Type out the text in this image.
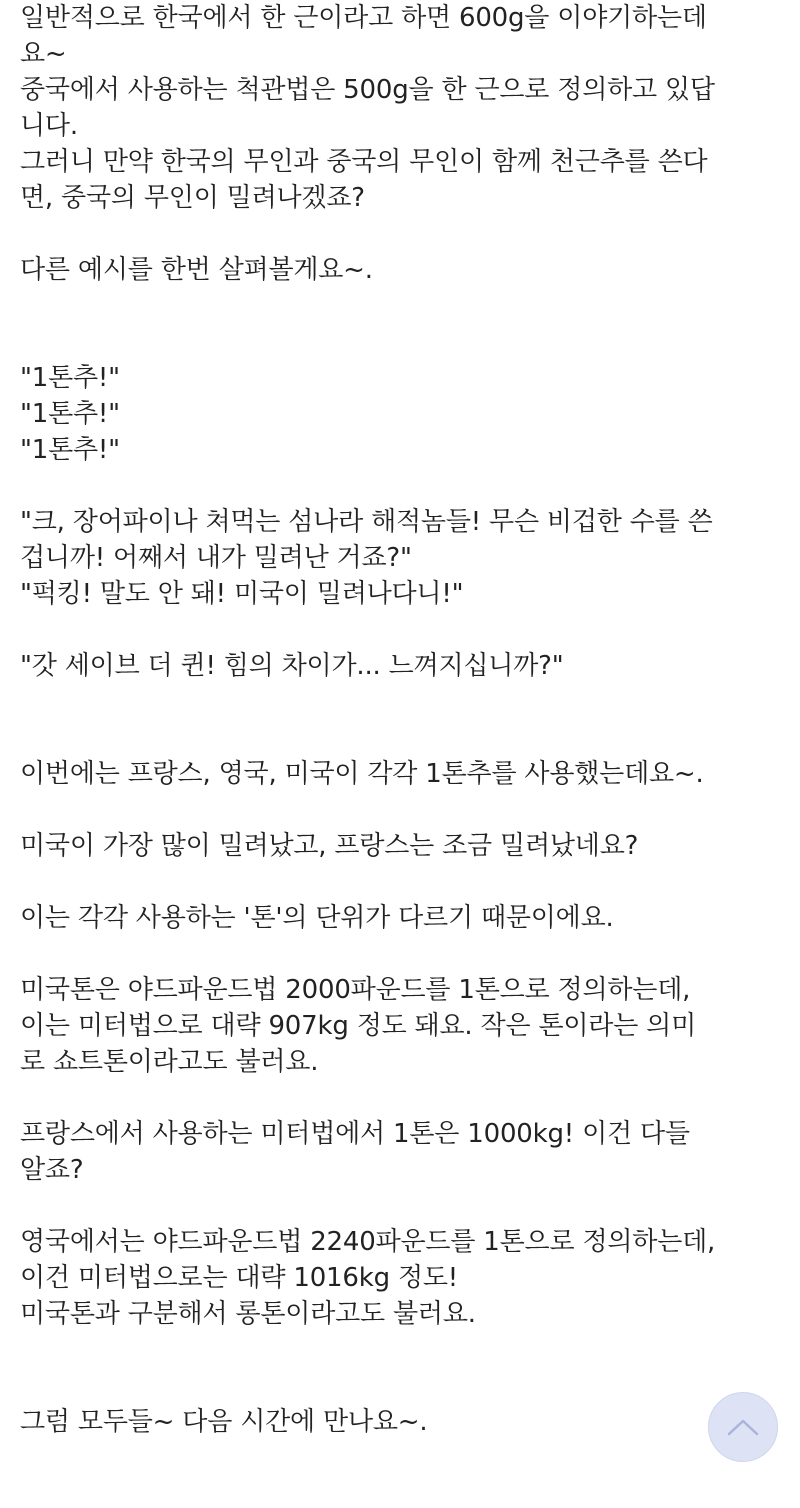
일반적으로 한국에서 한 근이라고 하면 600g을 이야기하는데
요~
중국에서 사용하는 척관법은 500g을 한 근으로 정의하고 있답
니다.
그러니 만약 한국의 무인과 중국의 무인이 함께 천근추를 쓴다
면, 중국의 무인이 밀려나겠죠?
다른 예시를 한번 살펴볼게요~.
"1톤추!"
"1톤추!"
"1톤추!"
"크, 장어파이나 쳐먹는 섬나라 해적놈들! 무슨 비겁한 수를 쓴
겁니까! 어째서 내가 밀려난 거죠?"
"퍽킹! 말도 안 돼! 미국이 밀려나다니!"
"갓 세이브 더 퀸! 힘의 차이가... 느껴지십니까?"
이번에는 프랑스, 영국, 미국이 각각 1톤추를 사용했는데요~.
미국이 가장 많이 밀려났고, 프랑스는 조금 밀려났네요?
이는 각각 사용하는 '톤'의 단위가 다르기 때문이에요.
미국톤은 야드파운드법 2000파운드를 1톤으로 정의하는데,
이는 미터법으로 대략 907kg 정도 돼요. 작은 톤이라는 의미
로 쇼트톤이라고도 불러요.
프랑스에서 사용하는 미터법에서 1톤은 1000kg! 이건 다들
알죠?
영국에서는 야드파운드법 2240파운드를 1톤으로 정의하는데,
이건 미터법으로는 대략 1016kg 정도!
미국톤과 구분해서 롱톤이라고도 불러요.
그럼 모두들~ 다음 시간에 만나요~.
